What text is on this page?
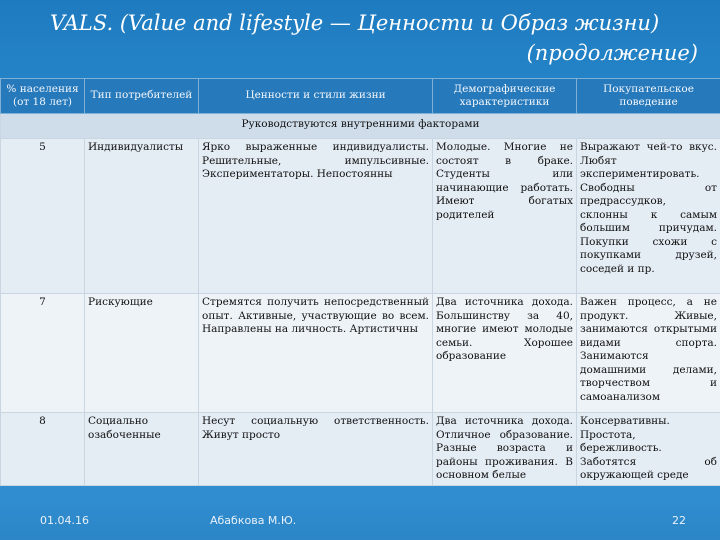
VALS. (Value and lifestyle — Ценности и Образ жизни)
(продолжение)
% населения (от 18 лет)	Тип потребителей	Ценности и стили жизни	Демографические характеристики	Покупательское поведение
Руководствуются внутренними факторами				
5	Индивидуалисты	Ярко выраженные индивидуалисты. Решительные, импульсивные. Экспериментаторы. Непостоянны	Молодые. Многие не состоят в браке. Студенты или начинающие работать. Имеют богатых родителей	Выражают чей-то вкус. Любят экспериментировать. Свободны от предрассудков, склонны к самым большим причудам. Покупки схожи с покупками друзей, соседей и пр.
7	Рискующие	Стремятся получить непосредственный опыт. Активные, участвующие во всем. Направлены на личность. Артистичны	Два источника дохода. Большинству за 40, многие имеют молодые семьи. Хорошее образование	Важен процесс, а не продукт. Живые, занимаются открытыми видами спорта. Занимаются домашними делами, творчеством и самоанализом
8	Социально озабоченные	Несут социальную ответственность. Живут просто	Два источника дохода. Отличное образование. Разные возраста и районы проживания. В основном белые	Консервативны. Простота, бережливость. Заботятся об окружающей среде
01.04.16	Абабкова М.Ю.	22
